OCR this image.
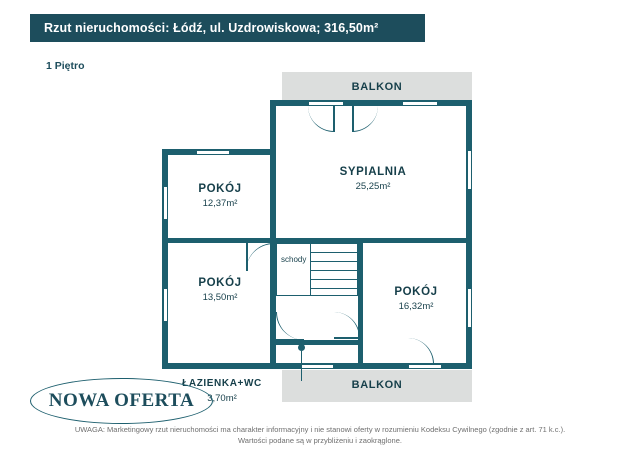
Rzut nieruchomości: Łódź, ul. Uzdrowiskowa; 316,50m²
1 Piętro
schody
POKÓJ
12,37m²
SYPIALNIA
25,25m²
POKÓJ
13,50m²	POKÓJ
16,32m²
ŁAZIENKA+WC
3,70m²
BALKON
BALKON
NOWA OFERTA
UWAGA: Marketingowy rzut nieruchomości ma charakter informacyjny i nie stanowi oferty w rozumieniu Kodeksu Cywilnego (zgodnie z art. 71 k.c.).
Wartości podane są w przybliżeniu i zaokrąglone.
